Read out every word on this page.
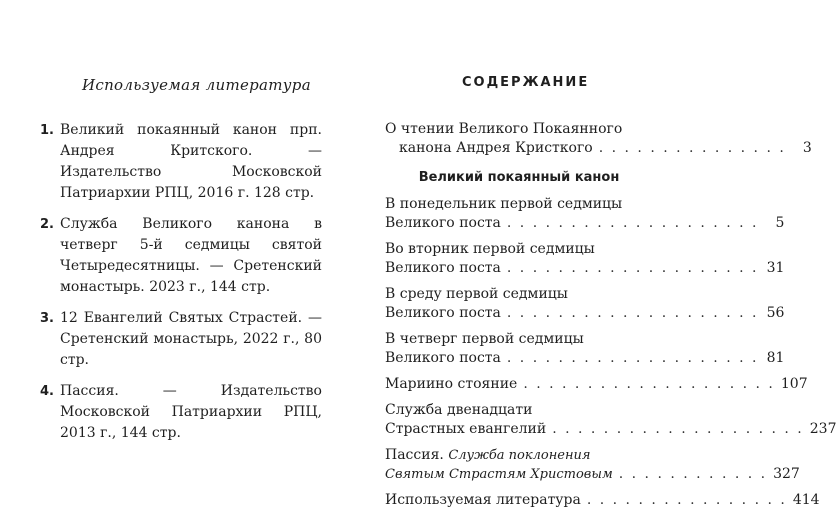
Используемая литература
1. Великий покаянный канон прп. Андрея Критского. — Издательство Московской Патриархии РПЦ, 2016 г. 128 стр.
2. Служба Великого канона в четверг 5-й седмицы святой Четыредесятницы. — Сретенский монастырь. 2023 г., 144 стр.
3. 12 Евангелий Святых Страстей. — Сретенский монастырь, 2022 г., 80 стр.
4. Пассия. — Издательство Московской Патриархии РПЦ, 2013 г., 144 стр.
СОДЕРЖАНИЕ
О чтении Великого Покаянного
канона Андрея Кристкого . . . . . . . . . . . . . . .	3
Великий покаянный канон
В понедельник первой седмицы
Великого поста . . . . . . . . . . . . . . . . . . . .	5
Во вторник первой седмицы
Великого поста . . . . . . . . . . . . . . . . . . . . 31
В среду первой седмицы
Великого поста . . . . . . . . . . . . . . . . . . . . 56
В четверг первой седмицы
Великого поста . . . . . . . . . . . . . . . . . . . . 81
Мариино стояние . . . . . . . . . . . . . . . . . . . . 107
Служба двенадцати
Страстных евангелий . . . . . . . . . . . . . . . . . . . . 237
Пассия. Служба поклонения
Святым Страстям Христовым . . . . . . . . . . . . 327
Используемая литература . . . . . . . . . . . . . . . . 414
